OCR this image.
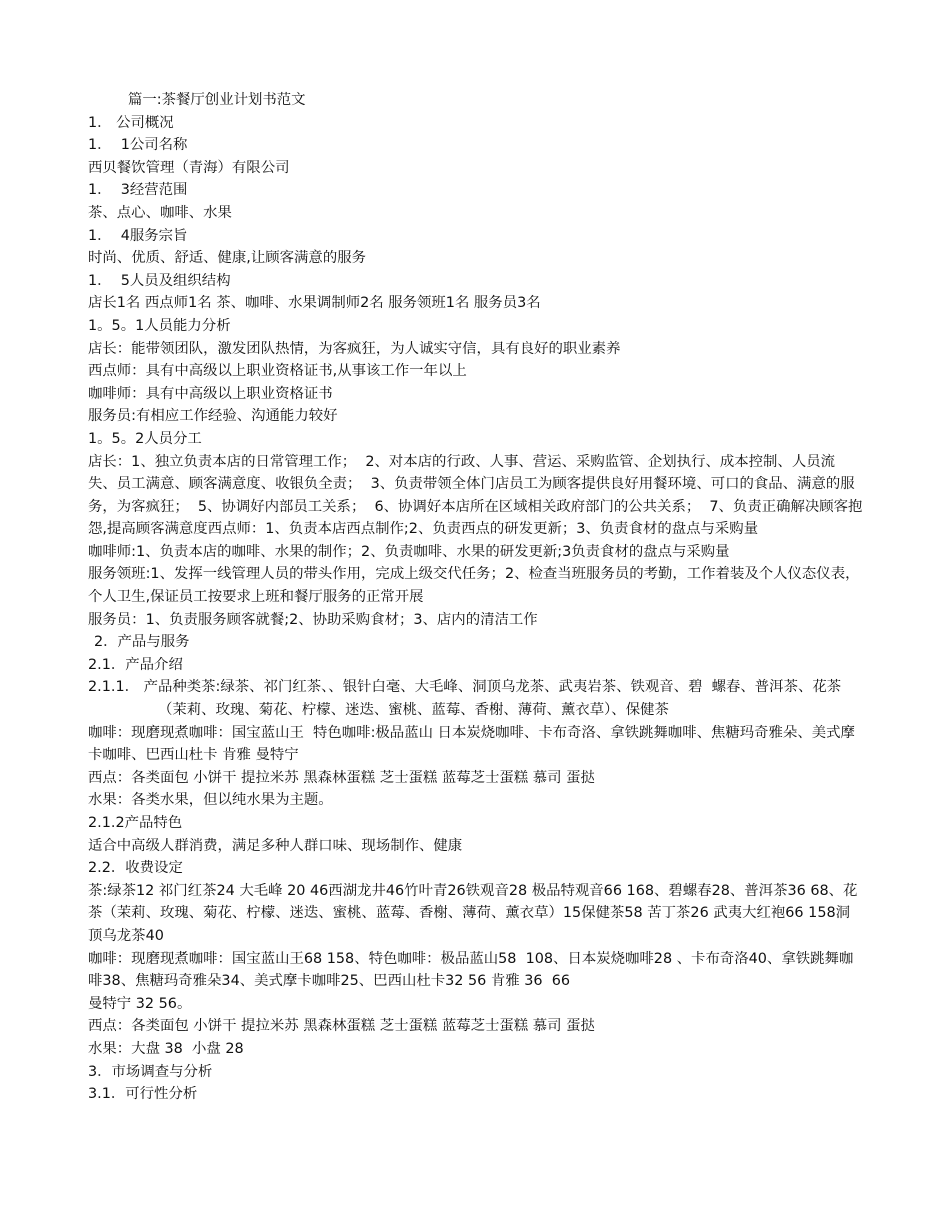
篇一:茶餐厅创业计划书范文

1． 公司概况

1．  1公司名称

西贝餐饮管理（青海）有限公司

1．  3经营范围

茶、点心、咖啡、水果

1．  4服务宗旨

时尚、优质、舒适、健康,让顾客满意的服务

1．  5人员及组织结构

店长1名 西点师1名 茶、咖啡、水果调制师2名 服务领班1名 服务员3名

1。5。1人员能力分析

店长：能带领团队，激发团队热情，为客疯狂，为人诚实守信，具有良好的职业素养

西点师：具有中高级以上职业资格证书,从事该工作一年以上

咖啡师：具有中高级以上职业资格证书

服务员:有相应工作经验、沟通能力较好

1。5。2人员分工

店长：1、独立负责本店的日常管理工作；  2、对本店的行政、人事、营运、采购监管、企划执行、成本控制、人员流失、员工满意、顾客满意度、收银负全责；  3、负责带领全体门店员工为顾客提供良好用餐环境、可口的食品、满意的服务，为客疯狂；  5、协调好内部员工关系；  6、协调好本店所在区域相关政府部门的公共关系；  7、负责正确解决顾客抱怨,提高顾客满意度西点师：1、负责本店西点制作;2、负责西点的研发更新；3、负责食材的盘点与采购量

咖啡师:1、负责本店的咖啡、水果的制作；2、负责咖啡、水果的研发更新;3负责食材的盘点与采购量

服务领班:1、发挥一线管理人员的带头作用，完成上级交代任务；2、检查当班服务员的考勤，工作着装及个人仪态仪表，个人卫生,保证员工按要求上班和餐厅服务的正常开展

服务员：1、负责服务顾客就餐;2、协助采购食材；3、店内的清洁工作

2．产品与服务

2.1．产品介绍

2.1.1． 产品种类茶:绿茶、祁门红茶、、银针白毫、大毛峰、洞顶乌龙茶、武夷岩茶、铁观音、碧  螺春、普洱茶、花茶（茉莉、玫瑰、菊花、柠檬、迷迭、蜜桃、蓝莓、香榭、薄荷、薰衣草）、保健茶

咖啡：现磨现煮咖啡：国宝蓝山王  特色咖啡:极品蓝山 日本炭烧咖啡、卡布奇洛、拿铁跳舞咖啡、焦糖玛奇雅朵、美式摩卡咖啡、巴西山杜卡 肯雅 曼特宁

西点：各类面包 小饼干 提拉米苏 黑森林蛋糕 芝士蛋糕 蓝莓芝士蛋糕 慕司 蛋挞

水果：各类水果，但以纯水果为主题。

2.1.2产品特色

适合中高级人群消费，满足多种人群口味、现场制作、健康

2.2．收费设定

茶:绿茶12 祁门红茶24 大毛峰 20 46西湖龙井46竹叶青26铁观音28 极品特观音66 168、碧螺春28、普洱茶36 68、花茶（茉莉、玫瑰、菊花、柠檬、迷迭、蜜桃、蓝莓、香榭、薄荷、薰衣草）15保健茶58 苦丁茶26 武夷大红袍66 158洞顶乌龙茶40

咖啡：现磨现煮咖啡：国宝蓝山王68 158、特色咖啡：极品蓝山58  108、日本炭烧咖啡28 、卡布奇洛40、拿铁跳舞咖啡38、焦糖玛奇雅朵34、美式摩卡咖啡25、巴西山杜卡32 56 肯雅 36  66

曼特宁 32 56。

西点：各类面包 小饼干 提拉米苏 黑森林蛋糕 芝士蛋糕 蓝莓芝士蛋糕 慕司 蛋挞

水果：大盘 38  小盘 28

3．市场调查与分析

3.1．可行性分析
